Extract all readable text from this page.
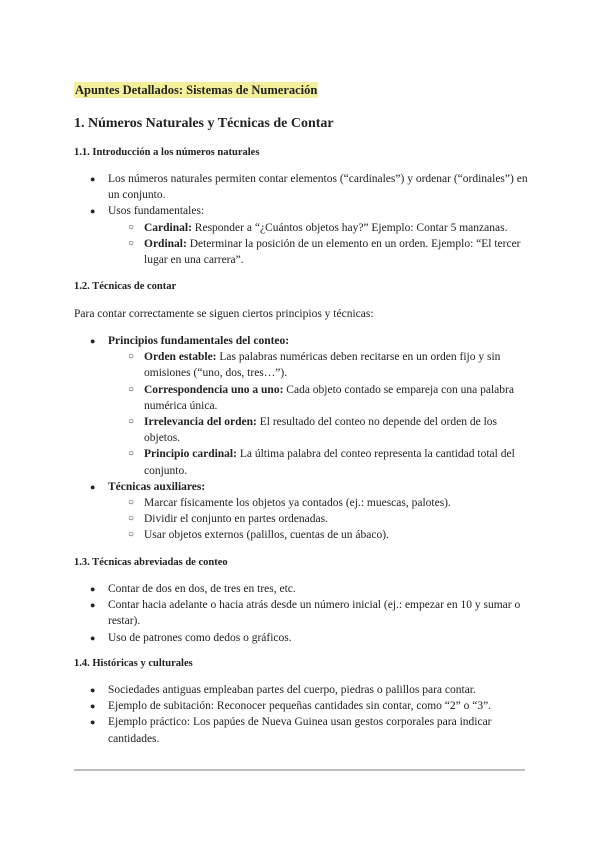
Apuntes Detallados: Sistemas de Numeración
1. Números Naturales y Técnicas de Contar
1.1. Introducción a los números naturales
● Los números naturales permiten contar elementos (“cardinales”) y ordenar (“ordinales”) en un conjunto.
● Usos fundamentales:
○ Cardinal: Responder a “¿Cuántos objetos hay?” Ejemplo: Contar 5 manzanas.
○ Ordinal: Determinar la posición de un elemento en un orden. Ejemplo: “El tercer lugar en una carrera”.
1.2. Técnicas de contar
Para contar correctamente se siguen ciertos principios y técnicas:
● Principios fundamentales del conteo:
○ Orden estable: Las palabras numéricas deben recitarse en un orden fijo y sin omisiones (“uno, dos, tres…”).
○ Correspondencia uno a uno: Cada objeto contado se empareja con una palabra numérica única.
○ Irrelevancia del orden: El resultado del conteo no depende del orden de los objetos.
○ Principio cardinal: La última palabra del conteo representa la cantidad total del conjunto.
● Técnicas auxiliares:
○ Marcar físicamente los objetos ya contados (ej.: muescas, palotes).
○ Dividir el conjunto en partes ordenadas.
○ Usar objetos externos (palillos, cuentas de un ábaco).
1.3. Técnicas abreviadas de conteo
● Contar de dos en dos, de tres en tres, etc.
● Contar hacia adelante o hacia atrás desde un número inicial (ej.: empezar en 10 y sumar o restar).
● Uso de patrones como dedos o gráficos.
1.4. Históricas y culturales
● Sociedades antiguas empleaban partes del cuerpo, piedras o palillos para contar.
● Ejemplo de subitación: Reconocer pequeñas cantidades sin contar, como “2” o “3”.
● Ejemplo práctico: Los papúes de Nueva Guinea usan gestos corporales para indicar cantidades.
